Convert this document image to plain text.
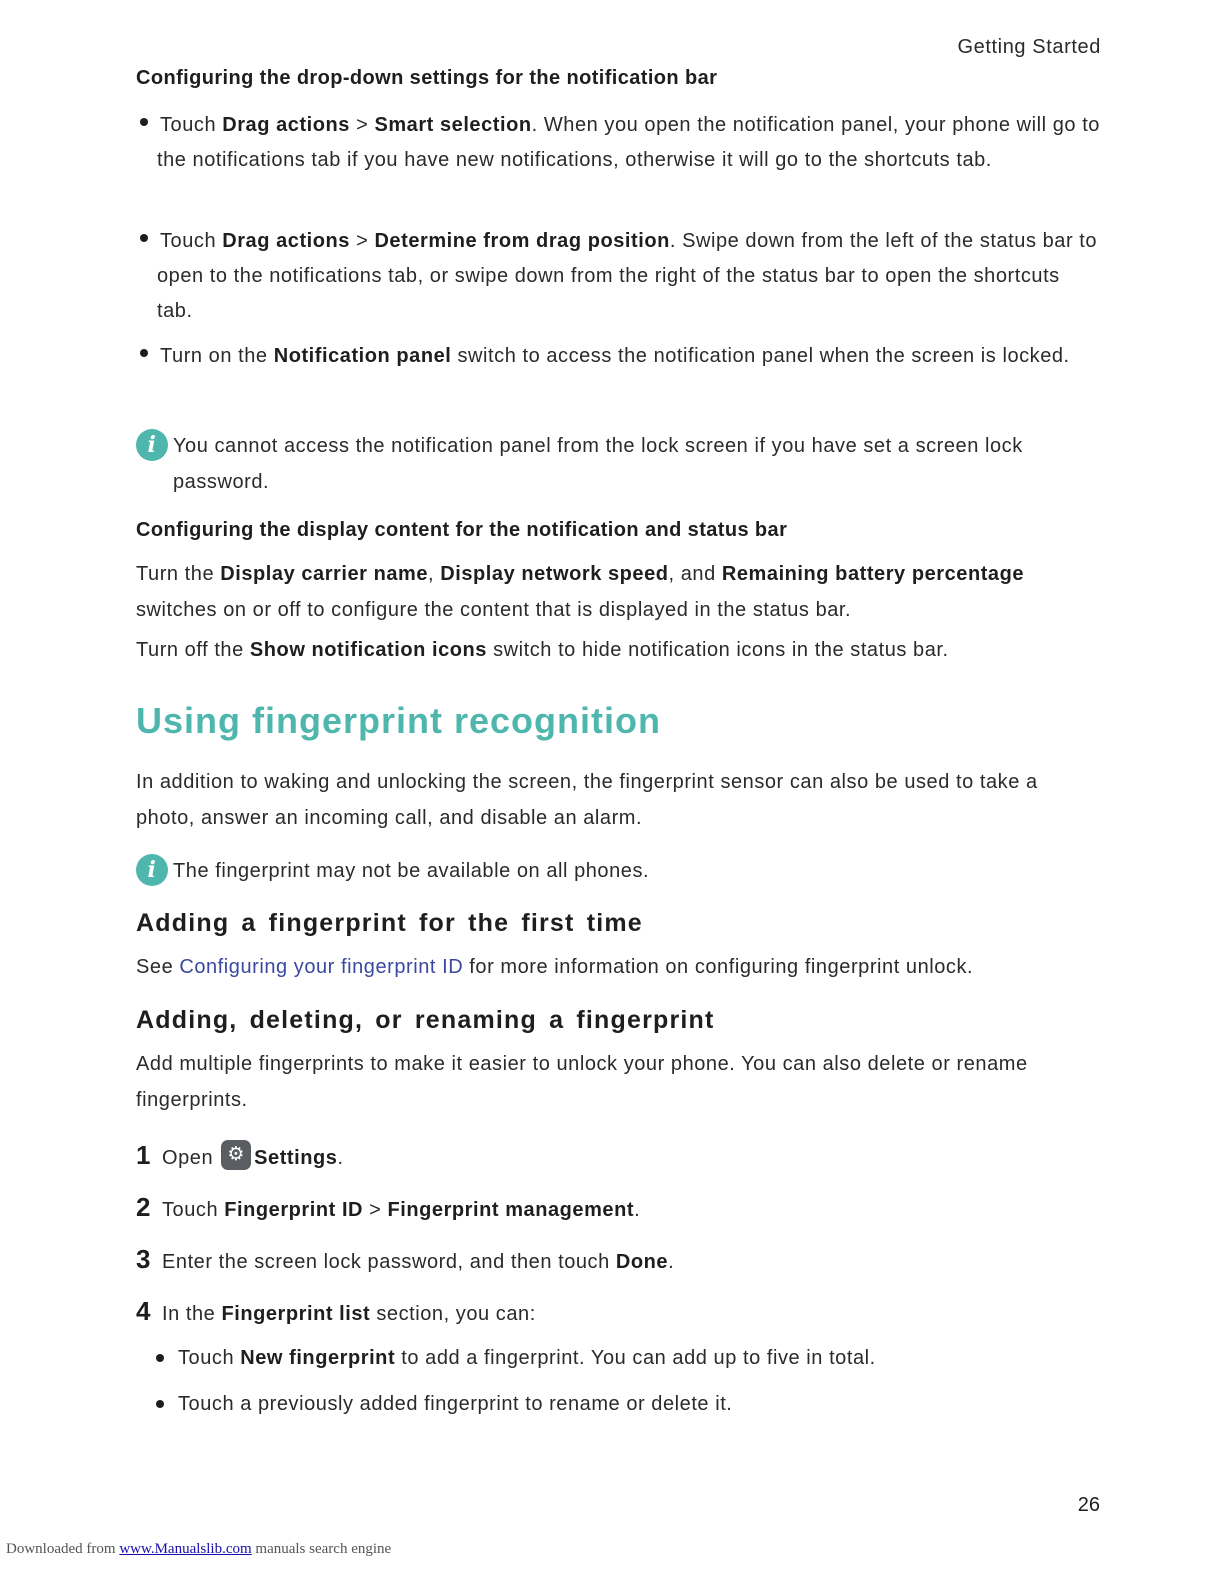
Getting Started
Configuring the drop-down settings for the notification bar
Touch Drag actions > Smart selection. When you open the notification panel, your phone will go to the notifications tab if you have new notifications, otherwise it will go to the shortcuts tab.
Touch Drag actions > Determine from drag position. Swipe down from the left of the status bar to open to the notifications tab, or swipe down from the right of the status bar to open the shortcuts tab.
Turn on the Notification panel switch to access the notification panel when the screen is locked.
i You cannot access the notification panel from the lock screen if you have set a screen lock password.
Configuring the display content for the notification and status bar
Turn the Display carrier name, Display network speed, and Remaining battery percentage switches on or off to configure the content that is displayed in the status bar.
Turn off the Show notification icons switch to hide notification icons in the status bar.
Using fingerprint recognition
In addition to waking and unlocking the screen, the fingerprint sensor can also be used to take a photo, answer an incoming call, and disable an alarm.
i The fingerprint may not be available on all phones.
Adding a fingerprint for the first time
See Configuring your fingerprint ID for more information on configuring fingerprint unlock.
Adding, deleting, or renaming a fingerprint
Add multiple fingerprints to make it easier to unlock your phone. You can also delete or rename fingerprints.
1 Open ⚙ Settings.
2 Touch Fingerprint ID > Fingerprint management.
3 Enter the screen lock password, and then touch Done.
4 In the Fingerprint list section, you can:
Touch New fingerprint to add a fingerprint. You can add up to five in total.
Touch a previously added fingerprint to rename or delete it.
26
Downloaded from www.Manualslib.com manuals search engine
